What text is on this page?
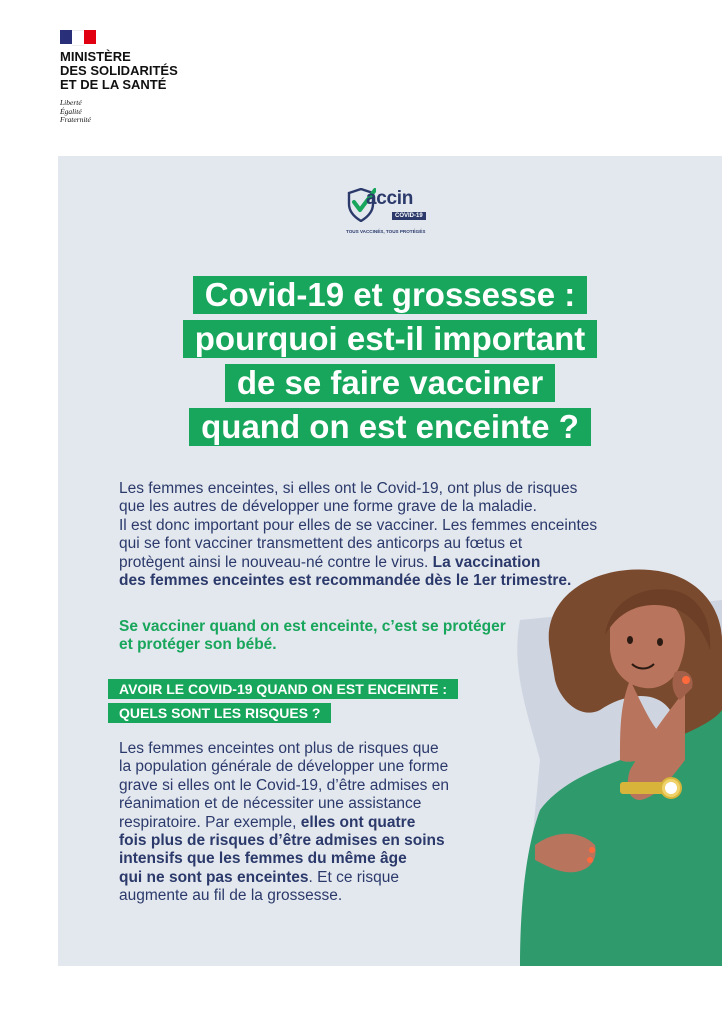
MINISTÈRE
DES SOLIDARITÉS
ET DE LA SANTÉ
Liberté
Égalité
Fraternité
accin
COVID-19
TOUS VACCINÉS, TOUS PROTÉGÉS
Covid-19 et grossesse :
pourquoi est-il important
de se faire vacciner
quand on est enceinte ?
Les femmes enceintes, si elles ont le Covid-19, ont plus de risques
que les autres de développer une forme grave de la maladie.
Il est donc important pour elles de se vacciner. Les femmes enceintes
qui se font vacciner transmettent des anticorps au fœtus et
protègent ainsi le nouveau-né contre le virus. La vaccination
des femmes enceintes est recommandée dès le 1er trimestre.
Se vacciner quand on est enceinte, c’est se protéger
et protéger son bébé.
AVOIR LE COVID-19 QUAND ON EST ENCEINTE :
QUELS SONT LES RISQUES ?
Les femmes enceintes ont plus de risques que
la population générale de développer une forme
grave si elles ont le Covid-19, d’être admises en
réanimation et de nécessiter une assistance
respiratoire. Par exemple, elles ont quatre
fois plus de risques d’être admises en soins
intensifs que les femmes du même âge
qui ne sont pas enceintes. Et ce risque
augmente au fil de la grossesse.
